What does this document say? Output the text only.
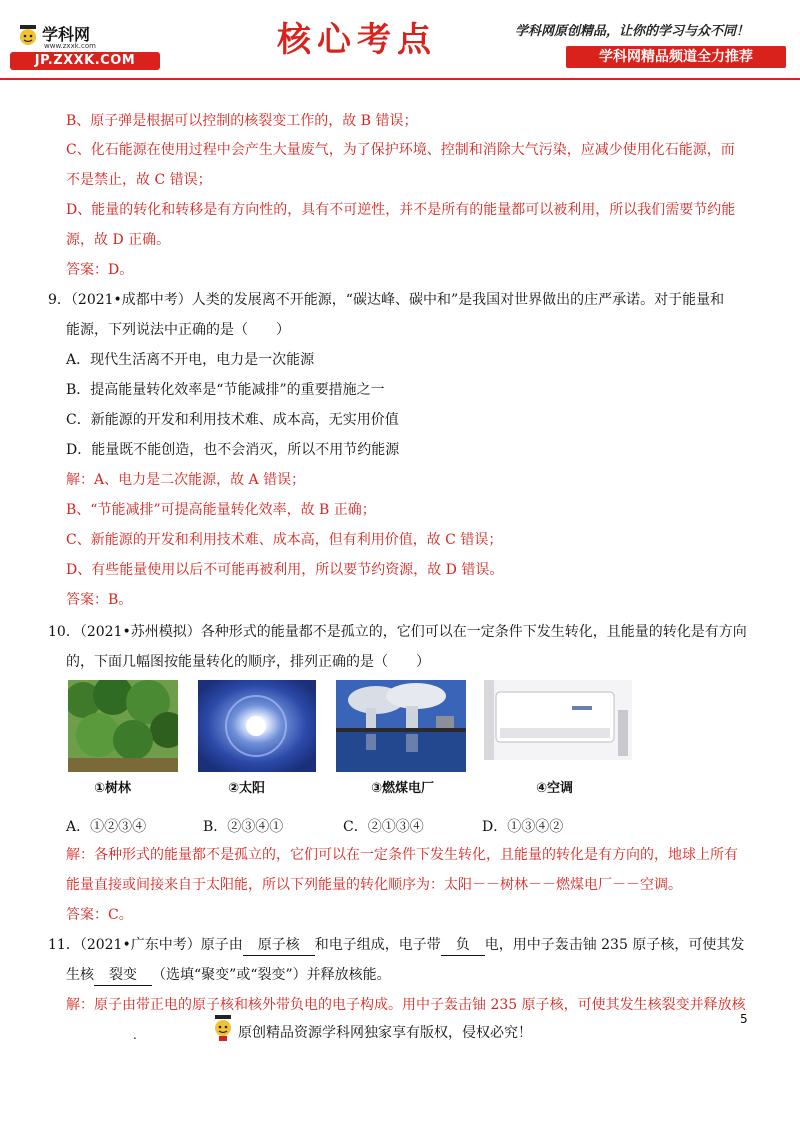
学科网
www.zxxk.com
JP.ZXXK.COM
核心考点	学科网原创精品，让你的学习与众不同！
学科网精品频道全力推荐
B、原子弹是根据可以控制的核裂变工作的，故 B 错误；
C、化石能源在使用过程中会产生大量废气，为了保护环境、控制和消除大气污染，应减少使用化石能源，而
不是禁止，故 C 错误；
D、能量的转化和转移是有方向性的，具有不可逆性，并不是所有的能量都可以被利用，所以我们需要节约能
源，故 D 正确。
答案：D。
9．（2021•成都中考）人类的发展离不开能源，“碳达峰、碳中和”是我国对世界做出的庄严承诺。对于能量和
能源，下列说法中正确的是（　　）
A．现代生活离不开电，电力是一次能源
B．提高能量转化效率是“节能减排”的重要措施之一
C．新能源的开发和利用技术难、成本高，无实用价值
D．能量既不能创造，也不会消灭，所以不用节约能源
解：A、电力是二次能源，故 A 错误；
B、“节能减排”可提高能量转化效率，故 B 正确；
C、新能源的开发和利用技术难、成本高，但有利用价值，故 C 错误；
D、有些能量使用以后不可能再被利用，所以要节约资源，故 D 错误。
答案：B。
10．（2021•苏州模拟）各种形式的能量都不是孤立的，它们可以在一定条件下发生转化，且能量的转化是有方向
的，下面几幅图按能量转化的顺序，排列正确的是（　　）
①树林	②太阳	③燃煤电厂	④空调
A．①②③④	B．②③④①	C．②①③④	D．①③④②
解：各种形式的能量都不是孤立的，它们可以在一定条件下发生转化，且能量的转化是有方向的，地球上所有
能量直接或间接来自于太阳能，所以下列能量的转化顺序为：太阳－－树林－－燃煤电厂－－空调。
答案：C。
11．（2021•广东中考）原子由 原子核 和电子组成，电子带 负 电，用中子轰击铀 235 原子核，可使其发
生核 裂变 （选填“聚变”或“裂变”）并释放核能。
解：原子由带正电的原子核和核外带负电的电子构成。用中子轰击铀 235 原子核，可使其发生核裂变并释放核
5
.	原创精品资源学科网独家享有版权，侵权必究！
